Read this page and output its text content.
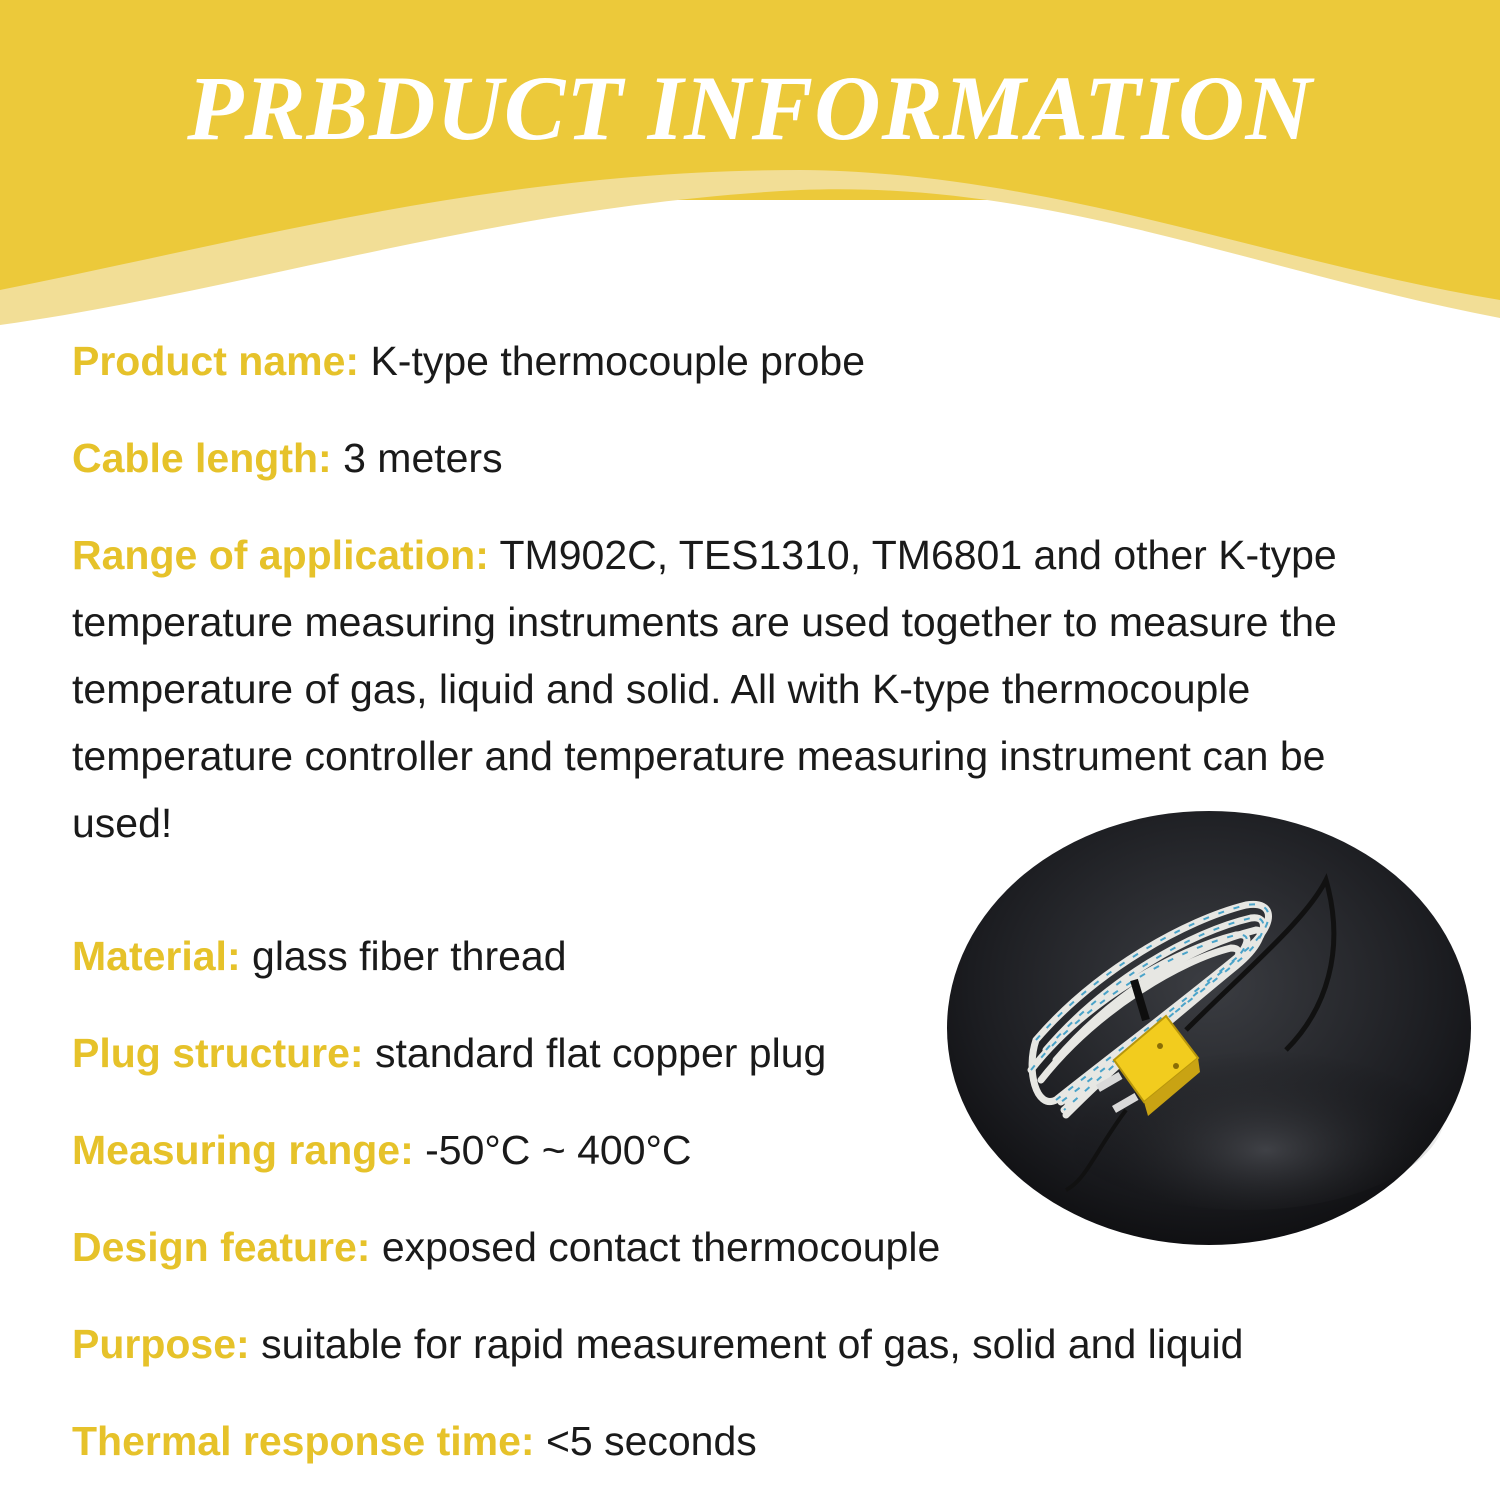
PRBDUCT INFORMATION

Product name: K-type thermocouple probe

Cable length: 3 meters

Range of application: TM902C, TES1310, TM6801 and other K-type temperature measuring instruments are used together to measure the temperature of gas, liquid and solid. All with K-type thermocouple temperature controller and temperature measuring instrument can be used!

Material: glass fiber thread

Plug structure: standard flat copper plug

Measuring range: -50°C ~ 400°C

Design feature: exposed contact thermocouple

Purpose: suitable for rapid measurement of gas, solid and liquid

Thermal response time: <5 seconds
